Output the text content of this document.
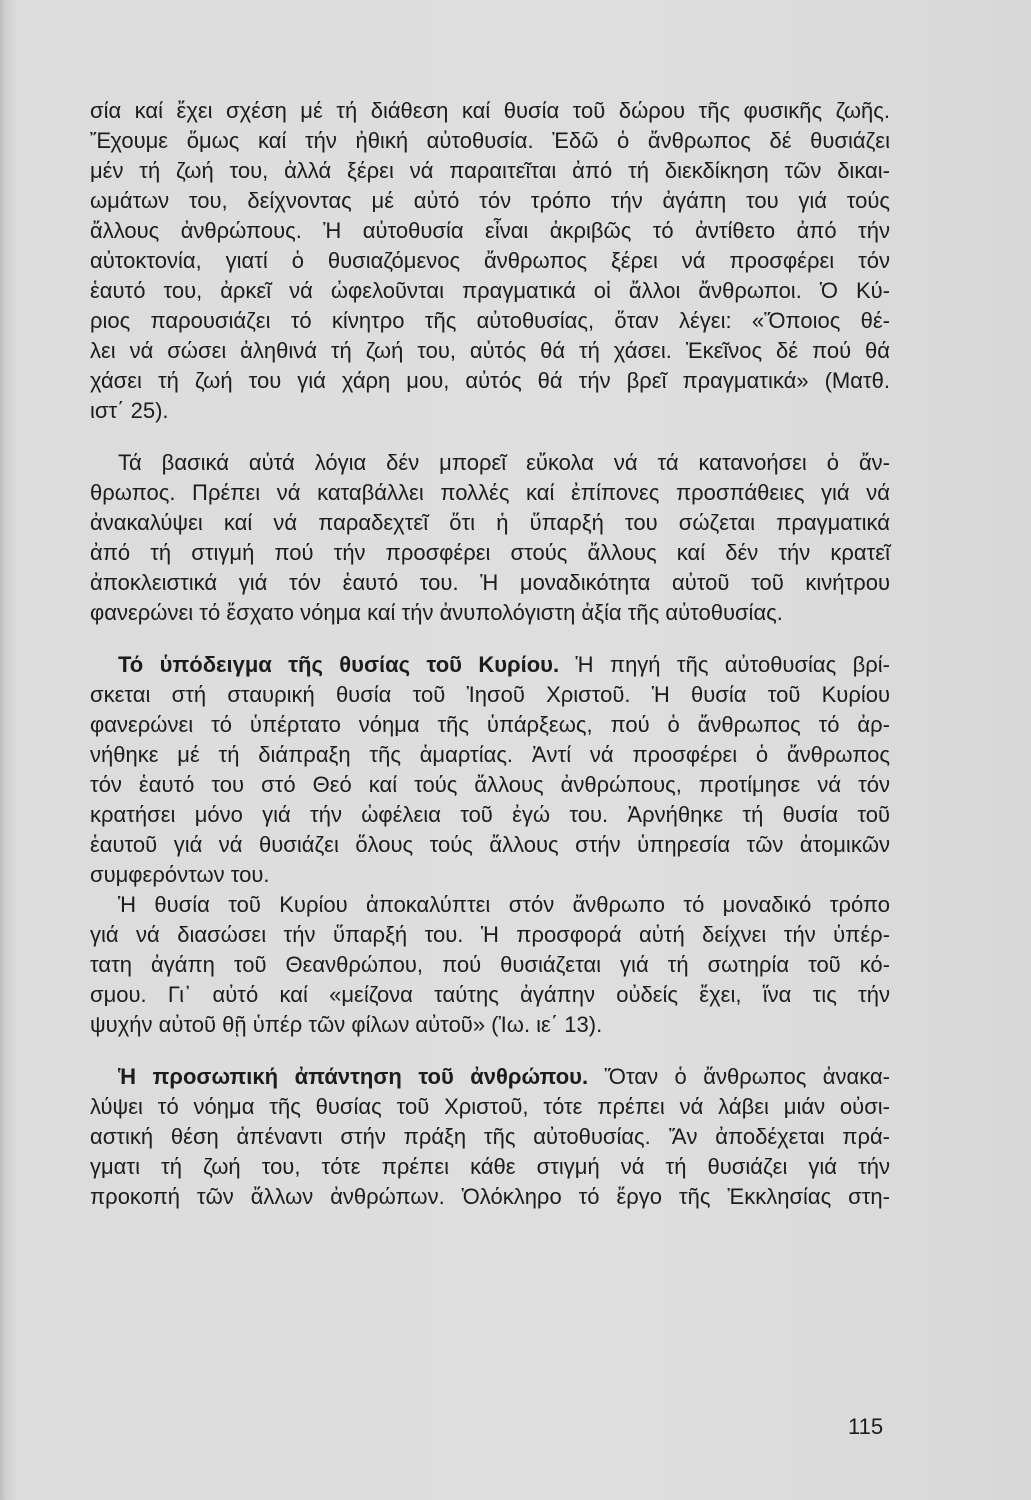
σία καί ἔχει σχέση μέ τή διάθεση καί θυσία τοῦ δώρου τῆς φυσικῆς ζωῆς.
Ἔχουμε ὅμως καί τήν ἠθική αὐτοθυσία. Ἐδῶ ὁ ἄνθρωπος δέ θυσιάζει
μέν τή ζωή του, ἀλλά ξέρει νά παραιτεῖται ἀπό τή διεκδίκηση τῶν δικαι-
ωμάτων του, δείχνοντας μέ αὐτό τόν τρόπο τήν ἀγάπη του γιά τούς
ἄλλους ἀνθρώπους. Ἡ αὐτοθυσία εἶναι ἀκριβῶς τό ἀντίθετο ἀπό τήν
αὐτοκτονία, γιατί ὁ θυσιαζόμενος ἄνθρωπος ξέρει νά προσφέρει τόν
ἑαυτό του, ἀρκεῖ νά ὠφελοῦνται πραγματικά οἱ ἄλλοι ἄνθρωποι. Ὁ Κύ-
ριος παρουσιάζει τό κίνητρο τῆς αὐτοθυσίας, ὅταν λέγει: «Ὅποιος θέ-
λει νά σώσει ἀληθινά τή ζωή του, αὐτός θά τή χάσει. Ἐκεῖνος δέ πού θά
χάσει τή ζωή του γιά χάρη μου, αὐτός θά τήν βρεῖ πραγματικά» (Ματθ.
ιστ΄ 25).
Τά βασικά αὐτά λόγια δέν μπορεῖ εὔκολα νά τά κατανοήσει ὁ ἄν-
θρωπος. Πρέπει νά καταβάλλει πολλές καί ἐπίπονες προσπάθειες γιά νά
ἀνακαλύψει καί νά παραδεχτεῖ ὅτι ἡ ὕπαρξή του σώζεται πραγματικά
ἀπό τή στιγμή πού τήν προσφέρει στούς ἄλλους καί δέν τήν κρατεῖ
ἀποκλειστικά γιά τόν ἑαυτό του. Ἡ μοναδικότητα αὐτοῦ τοῦ κινήτρου
φανερώνει τό ἔσχατο νόημα καί τήν ἀνυπολόγιστη ἀξία τῆς αὐτοθυσίας.
Τό ὑπόδειγμα τῆς θυσίας τοῦ Κυρίου. Ἡ πηγή τῆς αὐτοθυσίας βρί-
σκεται στή σταυρική θυσία τοῦ Ἰησοῦ Χριστοῦ. Ἡ θυσία τοῦ Κυρίου
φανερώνει τό ὑπέρτατο νόημα τῆς ὑπάρξεως, πού ὁ ἄνθρωπος τό ἀρ-
νήθηκε μέ τή διάπραξη τῆς ἁμαρτίας. Ἀντί νά προσφέρει ὁ ἄνθρωπος
τόν ἑαυτό του στό Θεό καί τούς ἄλλους ἀνθρώπους, προτίμησε νά τόν
κρατήσει μόνο γιά τήν ὠφέλεια τοῦ ἐγώ του. Ἀρνήθηκε τή θυσία τοῦ
ἑαυτοῦ γιά νά θυσιάζει ὅλους τούς ἄλλους στήν ὑπηρεσία τῶν ἀτομικῶν
συμφερόντων του.
Ἡ θυσία τοῦ Κυρίου ἀποκαλύπτει στόν ἄνθρωπο τό μοναδικό τρόπο
γιά νά διασώσει τήν ὕπαρξή του. Ἡ προσφορά αὐτή δείχνει τήν ὑπέρ-
τατη ἀγάπη τοῦ Θεανθρώπου, πού θυσιάζεται γιά τή σωτηρία τοῦ κό-
σμου. Γι᾿ αὐτό καί «μείζονα ταύτης ἀγάπην οὐδείς ἔχει, ἵνα τις τήν
ψυχήν αὐτοῦ θῇ ὑπέρ τῶν φίλων αὐτοῦ» (Ἰω. ιε΄ 13).
Ἡ προσωπική ἀπάντηση τοῦ ἀνθρώπου. Ὅταν ὁ ἄνθρωπος ἀνακα-
λύψει τό νόημα τῆς θυσίας τοῦ Χριστοῦ, τότε πρέπει νά λάβει μιάν οὐσι-
αστική θέση ἀπέναντι στήν πράξη τῆς αὐτοθυσίας. Ἄν ἀποδέχεται πρά-
γματι τή ζωή του, τότε πρέπει κάθε στιγμή νά τή θυσιάζει γιά τήν
προκοπή τῶν ἄλλων ἀνθρώπων. Ὁλόκληρο τό ἔργο τῆς Ἐκκλησίας στη-
115
